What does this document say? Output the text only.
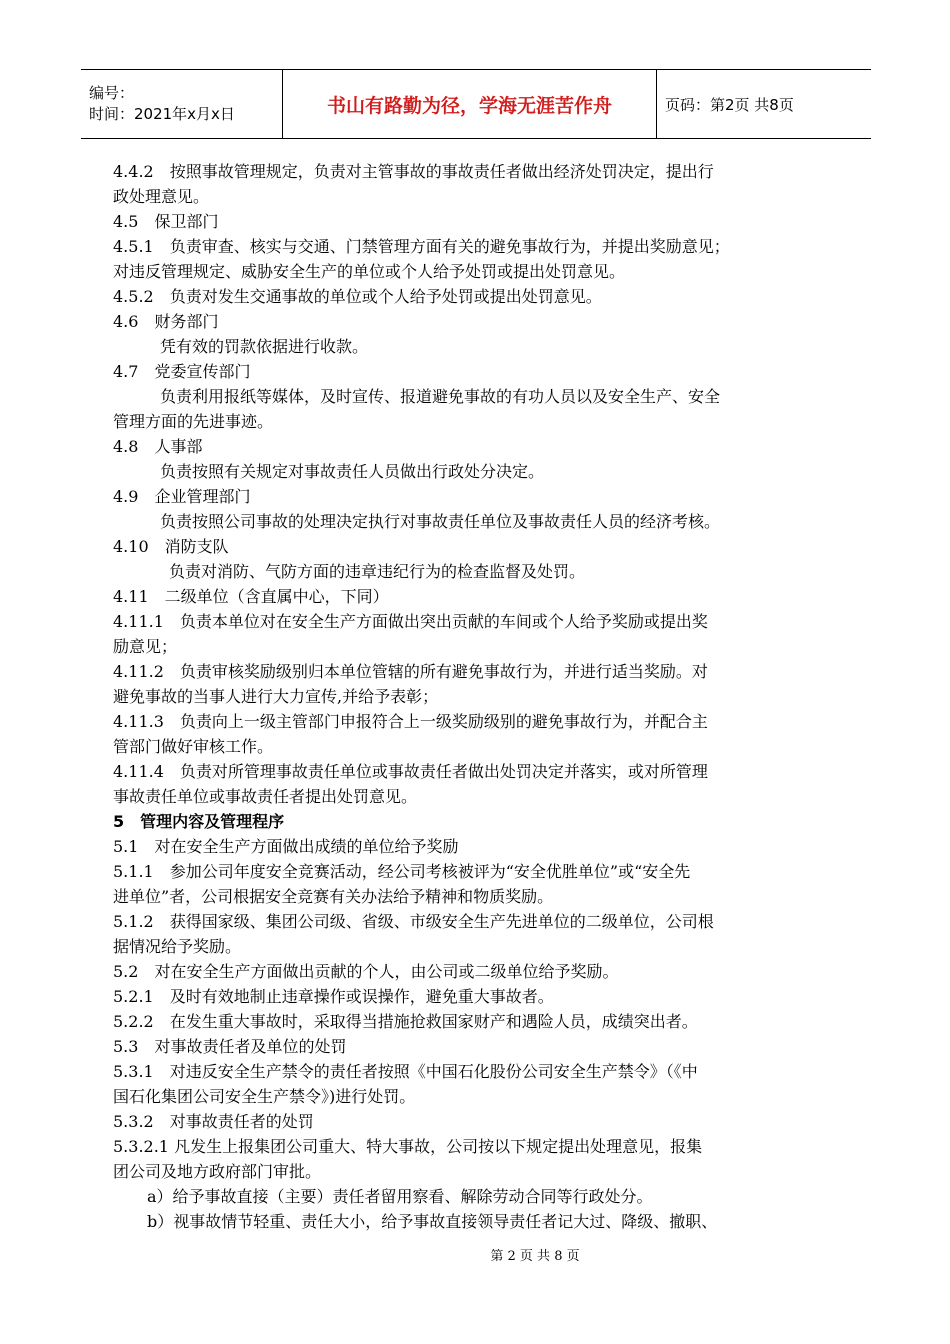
编号：
时间：2021年x月x日	书山有路勤为径，学海无涯苦作舟	页码：第2页 共8页
4.4.2　按照事故管理规定，负责对主管事故的事故责任者做出经济处罚决定，提出行
政处理意见。
4.5　保卫部门
4.5.1　负责审查、核实与交通、门禁管理方面有关的避免事故行为，并提出奖励意见；
对违反管理规定、威胁安全生产的单位或个人给予处罚或提出处罚意见。
4.5.2　负责对发生交通事故的单位或个人给予处罚或提出处罚意见。
4.6　财务部门
凭有效的罚款依据进行收款。
4.7　党委宣传部门
负责利用报纸等媒体，及时宣传、报道避免事故的有功人员以及安全生产、安全
管理方面的先进事迹。
4.8　人事部
负责按照有关规定对事故责任人员做出行政处分决定。
4.9　企业管理部门
负责按照公司事故的处理决定执行对事故责任单位及事故责任人员的经济考核。
4.10　消防支队
负责对消防、气防方面的违章违纪行为的检查监督及处罚。
4.11　二级单位（含直属中心，下同）
4.11.1　负责本单位对在安全生产方面做出突出贡献的车间或个人给予奖励或提出奖
励意见；
4.11.2　负责审核奖励级别归本单位管辖的所有避免事故行为，并进行适当奖励。对
避免事故的当事人进行大力宣传,并给予表彰；
4.11.3　负责向上一级主管部门申报符合上一级奖励级别的避免事故行为，并配合主
管部门做好审核工作。
4.11.4　负责对所管理事故责任单位或事故责任者做出处罚决定并落实，或对所管理
事故责任单位或事故责任者提出处罚意见。
5　管理内容及管理程序
5.1　对在安全生产方面做出成绩的单位给予奖励
5.1.1　参加公司年度安全竞赛活动，经公司考核被评为“安全优胜单位”或“安全先
进单位”者，公司根据安全竞赛有关办法给予精神和物质奖励。
5.1.2　获得国家级、集团公司级、省级、市级安全生产先进单位的二级单位，公司根
据情况给予奖励。
5.2　对在安全生产方面做出贡献的个人，由公司或二级单位给予奖励。
5.2.1　及时有效地制止违章操作或误操作，避免重大事故者。
5.2.2　在发生重大事故时，采取得当措施抢救国家财产和遇险人员，成绩突出者。
5.3　对事故责任者及单位的处罚
5.3.1　对违反安全生产禁令的责任者按照《中国石化股份公司安全生产禁令》（《中
国石化集团公司安全生产禁令》)进行处罚。
5.3.2　对事故责任者的处罚
5.3.2.1 凡发生上报集团公司重大、特大事故，公司按以下规定提出处理意见，报集
团公司及地方政府部门审批。
a）给予事故直接（主要）责任者留用察看、解除劳动合同等行政处分。
b）视事故情节轻重、责任大小，给予事故直接领导责任者记大过、降级、撤职、
第 2 页 共 8 页
